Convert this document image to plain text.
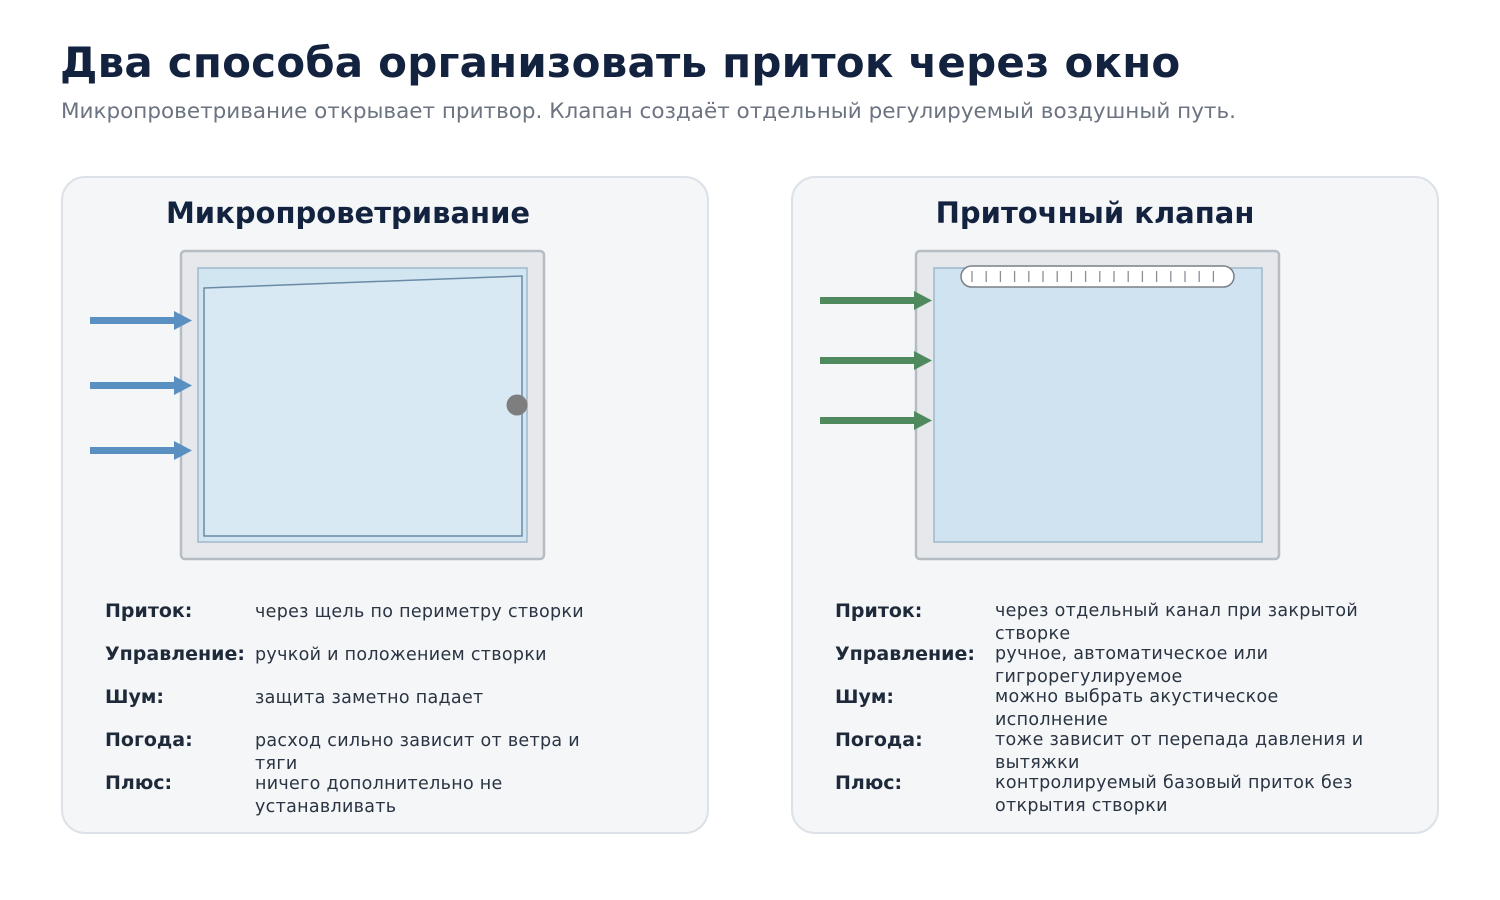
Два способа организовать приток через окно
Микропроветривание открывает притвор. Клапан создаёт отдельный регулируемый воздушный путь.
Микропроветривание	Приточный клапан
Приток:	через щель по периметру створки
Управление: ручкой и положением створки
Шум:	защита заметно падает
Погода:	расход сильно зависит от ветра и тяги
Плюс:	ничего дополнительно не устанавливать
Приток:	через отдельный канал при закрытой створке
Управление: ручное, автоматическое или гигрорегулируемое
Шум:	можно выбрать акустическое исполнение
Погода:	тоже зависит от перепада давления и вытяжки
Плюс:	контролируемый базовый приток без открытия створки
